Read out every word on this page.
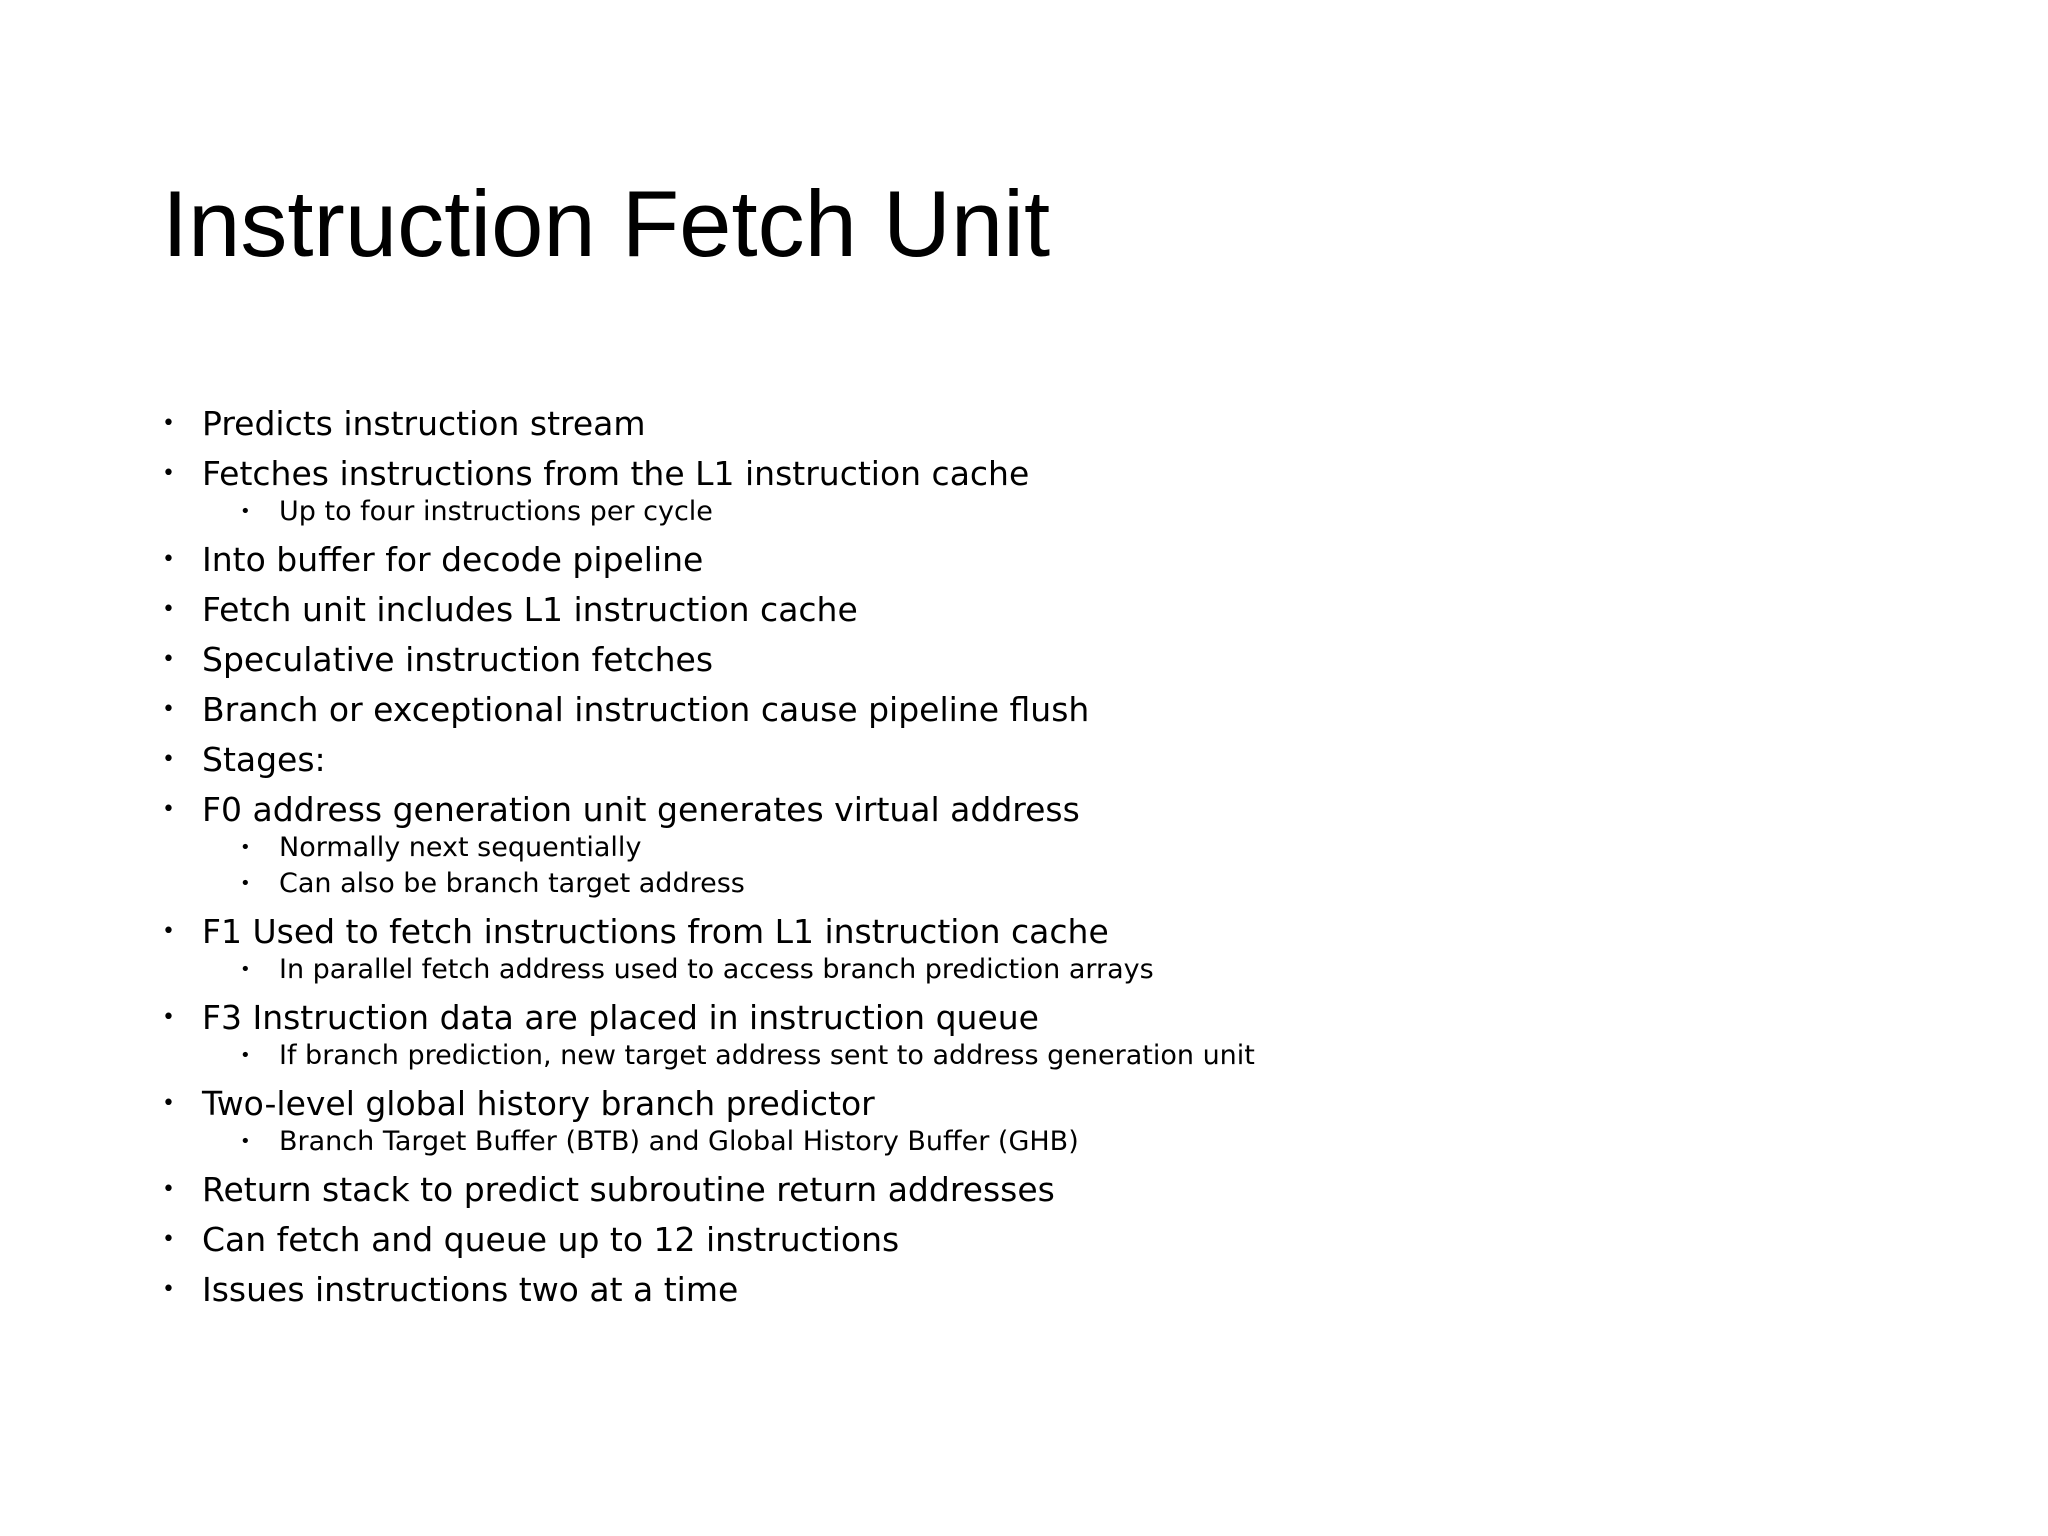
Instruction Fetch Unit
• Predicts instruction stream
• Fetches instructions from the L1 instruction cache
• Up to four instructions per cycle
• Into buffer for decode pipeline
• Fetch unit includes L1 instruction cache
• Speculative instruction fetches
• Branch or exceptional instruction cause pipeline flush
• Stages:
• F0 address generation unit generates virtual address
• Normally next sequentially
• Can also be branch target address
• F1 Used to fetch instructions from L1 instruction cache
• In parallel fetch address used to access branch prediction arrays
• F3 Instruction data are placed in instruction queue
• If branch prediction, new target address sent to address generation unit
• Two-level global history branch predictor
• Branch Target Buffer (BTB) and Global History Buffer (GHB)
• Return stack to predict subroutine return addresses
• Can fetch and queue up to 12 instructions
• Issues instructions two at a time
